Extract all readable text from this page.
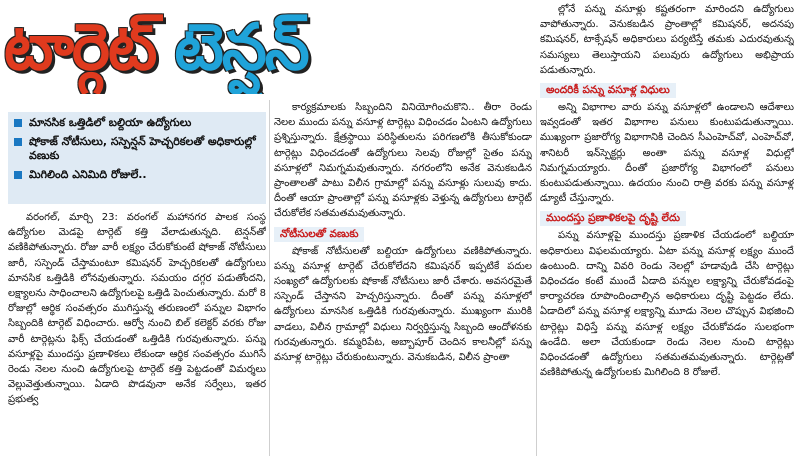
టార్గెట్ టెన్షన్
మానసిక ఒత్తిడిలో బల్దియా ఉద్యోగులు
షోకాజ్‌ నోటీసులు, సస్పెన్షన్‌ హెచ్చరికలతో అధికారుల్లో వణుకు
మిగిలింది ఎనిమిది రోజులే..

వరంగల్‌, మార్చి 23: వరంగల్‌ మహానగర పాలక సంస్థ ఉద్యోగుల మెడపై టార్గెట్‌ కత్తి వేలాడుతున్నది. టెన్షన్‌తో వణికిపోతున్నారు. రోజు వారీ లక్ష్యం చేరుకోకుంటే షోకాజ్‌ నోటీసులు జారీ, సస్పెండ్‌ చేస్తామంటూ కమిషనర్‌ హెచ్చరికలతో ఉద్యోగులు మానసిక ఒత్తిడికి లోనవుతున్నారు. సమయం దగ్గర పడుతోందని, లక్ష్యాలను సాధించాలని ఉద్యోగులపై ఒత్తిడి పెంచుతున్నారు. మరో 8 రోజుల్లో ఆర్థిక సంవత్సరం ముగిస్తున్న తరుణంలో పన్నుల విభాగం సిబ్బందికి టార్గెట్‌ విధించారు. ఆర్వో నుంచి బిల్‌ కలెక్టర్‌ వరకు రోజు వారీ టార్గెట్లను ఫిక్స్‌ చేయడంతో ఒత్తిడికి గురవుతున్నారు. పన్ను వసూళ్లపై ముందస్తు ప్రణాళికలు లేకుండా ఆర్థిక సంవత్సరం ముగిసే రెండు నెలల నుంచి ఉద్యోగులపై టార్గెట్‌ కత్తి పెట్టడంతో విమర్శలు వెల్లువెత్తుతున్నాయి. ఏడాది పొడవునా అనేక సర్వేలు, ఇతర ప్రభుత్వ

కార్యక్రమాలకు సిబ్బందిని వినియోగించుకొని.. తీరా రెండు నెలల ముందు పన్ను వసూళ్ల టార్గెట్లు విధించడం ఏంటని ఉద్యోగులు ప్రశ్నిస్తున్నారు. క్షేత్రస్థాయి పరిస్థితులను పరిగణలోకి తీసుకోకుండా టార్గెట్లు విధించడంతో ఉద్యోగులు సెలవు రోజుల్లో సైతం పన్ను వసూళ్లలో నిమగ్నమవుతున్నారు. నగరంలోని అనేక వెనుకబడిన ప్రాంతాలతో పాటు విలీన గ్రామాల్లో పన్ను వసూళ్లు సులువు కాదు. దీంతో ఆయా ప్రాంతాల్లో పన్ను వసూళ్లకు వెళ్తున్న ఉద్యోగులు టార్గెట్‌ చేరుకోలేక సతమతమవుతున్నారు.

నోటీసులతో వణుకు

షోకాజ్‌ నోటీసులతో బల్దియా ఉద్యోగులు వణికిపోతున్నారు. పన్ను వసూళ్ల టార్గెట్‌ చేరుకోలేదని కమిషనర్‌ ఇప్పటికే పదుల సంఖ్యలో ఉద్యోగులకు షోకాజ్‌ నోటీసులు జారీ చేశారు. అవసరమైతే సస్పెండ్‌ చేస్తానని హెచ్చరిస్తున్నారు. దీంతో పన్ను వసూళ్లలో ఉద్యోగులు మానసిక ఒత్తిడికి గురవుతున్నారు. ముఖ్యంగా మురికి వాడలు, విలీన గ్రామాల్లో విధులు నిర్వర్తిస్తున్న సిబ్బంది ఆందోళనకు గురవుతున్నారు. కమ్మరిపేట, అబ్బాపూర్‌ చెందిన కాలనీల్లో పన్ను వసూళ్ల టార్గెట్లు చేరుకుంటున్నారు. వెనుకబడిన, విలీన ప్రాంతా

ల్లోనే పన్ను వసూళ్లు కష్టతరంగా మారిందని ఉద్యోగులు వాపోతున్నారు. వెనుకబడిన ప్రాంతాల్లో కమిషనర్‌, అదనపు కమిషనర్‌, టాక్సేషన్‌ అధికారులు పర్యటిస్తే తమకు ఎదురవుతున్న సమస్యలు తెలుస్తాయని పలువురు ఉద్యోగులు అభిప్రాయ పడుతున్నారు.

అందరికీ పన్ను వసూళ్ల విధులు

అన్ని విభాగాల వారు పన్ను వసూళ్లలో ఉండాలని ఆదేశాలు ఇవ్వడంతో ఇతర విభాగాల పనులు కుంటుపడుతున్నాయి. ముఖ్యంగా ప్రజారోగ్య విభాగానికి చెందిన సీఎంహెచ్‌వో, ఎంహెచ్‌వో, శానిటరీ ఇన్‌స్పెక్టర్లు అంతా పన్ను వసూళ్ల విధుల్లో నిమగ్నమయ్యారు. దీంతో ప్రజారోగ్య విభాగంలో పనులు కుంటుపడుతున్నాయి. ఉదయం నుంచి రాత్రి వరకు పన్ను వసూళ్ల డ్యూటీ చేస్తున్నారు.

ముందస్తు ప్రణాళికలపై దృష్టి లేదు

పన్ను వసూళ్లపై ముందస్తు ప్రణాళిక చేయడంలో బల్దియా అధికారులు విఫలమయ్యారు. ఏటా పన్ను వసూళ్ల లక్ష్యం ముందే ఉంటుంది. దాన్ని వివరి రెండు నెలల్లో హడావుడి చేసి టార్గెట్లు విధించడం కంటే ముందే ఏడాది పన్నుల లక్ష్యాన్ని చేరుకోవడంపై కార్యాచరణ రూపొందించాల్సిన అధికారులు దృష్టి పెట్టడం లేదు. ఏడాదిలో పన్ను వసూళ్ల లక్ష్యాన్ని మూడు నెలల చొప్పున విభజించి టార్గెట్లు విధిస్తే పన్ను వసూళ్ల లక్ష్యం చేరుకోవడం సులభంగా ఉండేది. అలా చేయకుండా రెండు నెలల నుంచి టార్గెట్లు విధించడంతో ఉద్యోగులు సతమతమవుతున్నారు. టార్గెట్లతో వణికిపోతున్న ఉద్యోగులకు మిగిలింది 8 రోజులే.
